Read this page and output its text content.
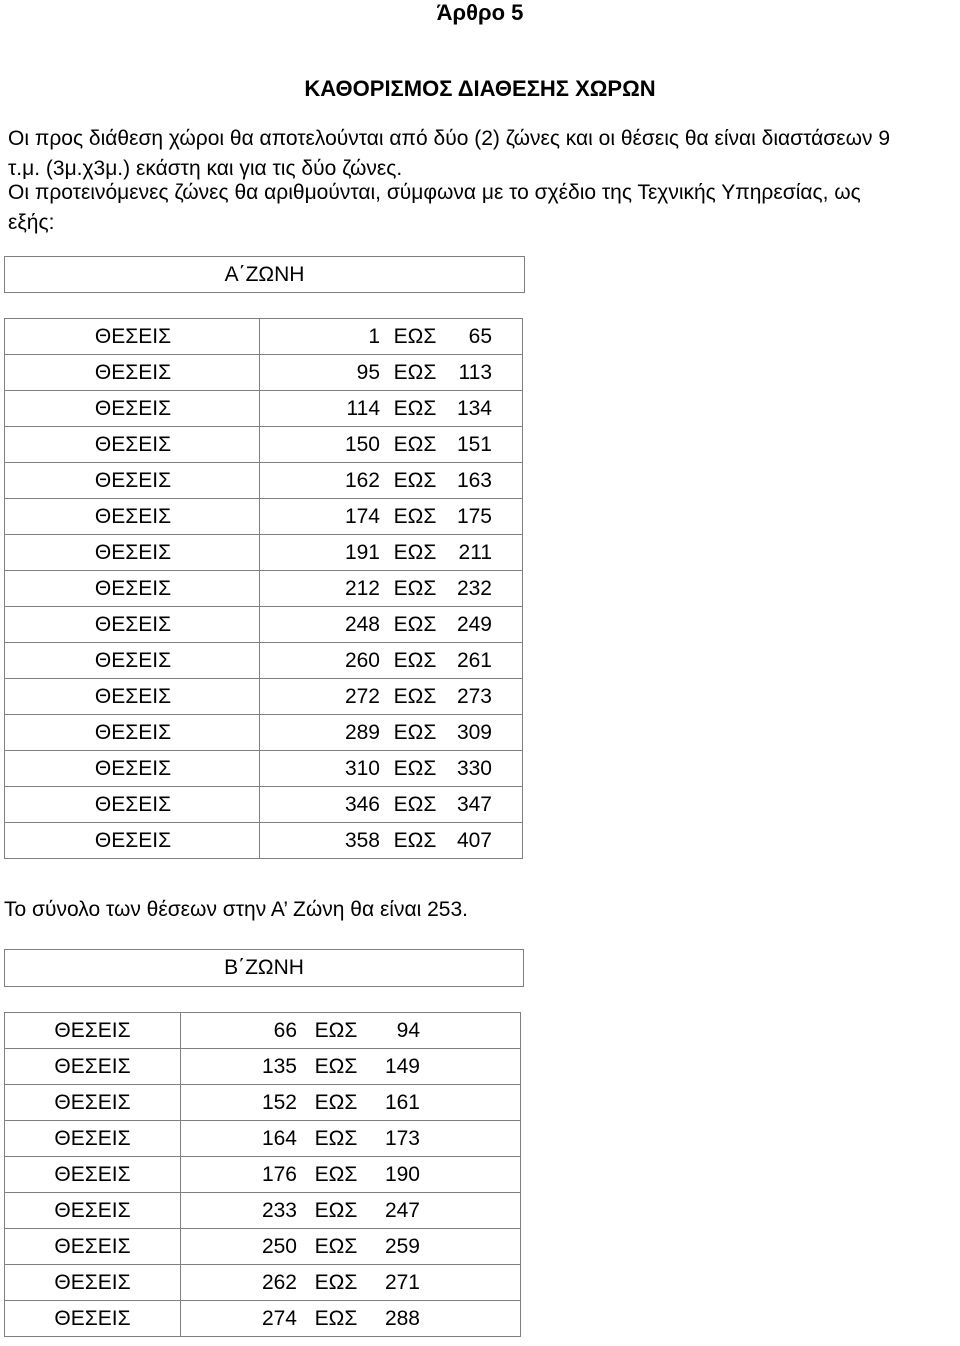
Άρθρο 5
ΚΑΘΟΡΙΣΜΟΣ ΔΙΑΘΕΣΗΣ ΧΩΡΩΝ
Οι προς διάθεση χώροι θα αποτελούνται από δύο (2) ζώνες και οι θέσεις θα είναι διαστάσεων 9
τ.μ. (3μ.χ3μ.) εκάστη και για τις δύο ζώνες.
Οι προτεινόμενες ζώνες θα αριθμούνται, σύμφωνα με το σχέδιο της Τεχνικής Υπηρεσίας, ως
εξής:
Α΄ΖΩΝΗ
ΘΕΣΕΙΣ	1 ΕΩΣ 65
ΘΕΣΕΙΣ	95 ΕΩΣ 113
ΘΕΣΕΙΣ	114 ΕΩΣ 134
ΘΕΣΕΙΣ	150 ΕΩΣ 151
ΘΕΣΕΙΣ	162 ΕΩΣ 163
ΘΕΣΕΙΣ	174 ΕΩΣ 175
ΘΕΣΕΙΣ	191 ΕΩΣ 211
ΘΕΣΕΙΣ	212 ΕΩΣ 232
ΘΕΣΕΙΣ	248 ΕΩΣ 249
ΘΕΣΕΙΣ	260 ΕΩΣ 261
ΘΕΣΕΙΣ	272 ΕΩΣ 273
ΘΕΣΕΙΣ	289 ΕΩΣ 309
ΘΕΣΕΙΣ	310 ΕΩΣ 330
ΘΕΣΕΙΣ	346 ΕΩΣ 347
ΘΕΣΕΙΣ	358 ΕΩΣ 407
Το σύνολο των θέσεων στην Α’ Ζώνη θα είναι 253.
Β΄ΖΩΝΗ
ΘΕΣΕΙΣ	66 ΕΩΣ 94
ΘΕΣΕΙΣ	135 ΕΩΣ 149
ΘΕΣΕΙΣ	152 ΕΩΣ 161
ΘΕΣΕΙΣ	164 ΕΩΣ 173
ΘΕΣΕΙΣ	176 ΕΩΣ 190
ΘΕΣΕΙΣ	233 ΕΩΣ 247
ΘΕΣΕΙΣ	250 ΕΩΣ 259
ΘΕΣΕΙΣ	262 ΕΩΣ 271
ΘΕΣΕΙΣ	274 ΕΩΣ 288
